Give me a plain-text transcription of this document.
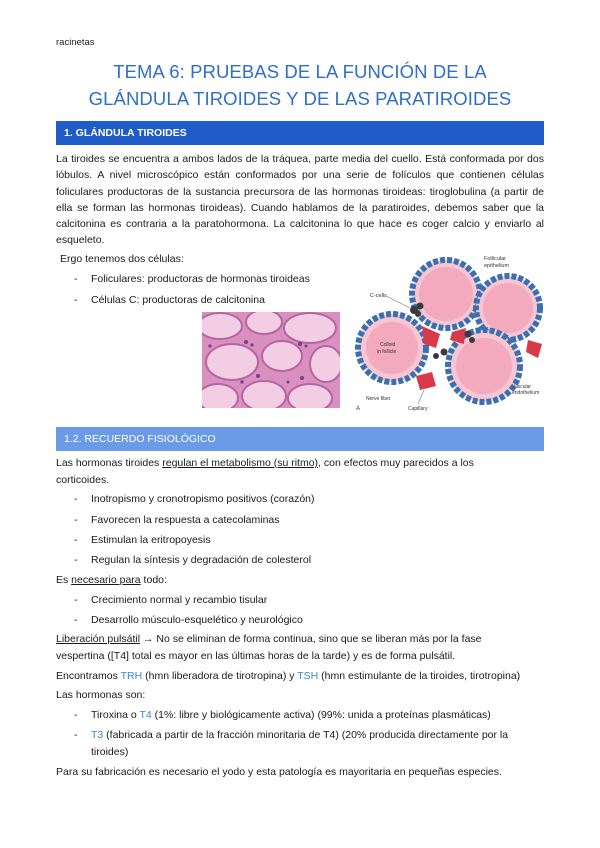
racinetas
TEMA 6: PRUEBAS DE LA FUNCIÓN DE LA
GLÁNDULA TIROIDES Y DE LAS PARATIROIDES
1. GLÁNDULA TIROIDES
La tiroides se encuentra a ambos lados de la tráquea, parte media del cuello. Está conformada por dos lóbulos. A nivel microscópico están conformados por una serie de folículos que contienen células foliculares productoras de la sustancia precursora de las hormonas tiroideas: tiroglobulina (a partir de ella se forman las hormonas tiroideas). Cuando hablamos de la paratiroides, debemos saber que la calcitonina es contraria a la paratohormona. La calcitonina lo que hace es coger calcio y enviarlo al esqueleto.
Ergo tenemos dos células:
- Foliculares: productoras de hormonas tiroideas
- Células C: productoras de calcitonina	C-cells
Follicular
epithelium
Colloid
in follicle
Nerve fiber
Capillary
Vascular
endothelium
A
1.2. RECUERDO FISIOLÓGICO
Las hormonas tiroides regulan el metabolismo (su ritmo), con efectos muy parecidos a los
corticoides.
- Inotropismo y cronotropismo positivos (corazón)
- Favorecen la respuesta a catecolaminas
- Estimulan la eritropoyesis
- Regulan la síntesis y degradación de colesterol
Es necesario para todo:
- Crecimiento normal y recambio tisular
- Desarrollo músculo-esquelético y neurológico
Liberación pulsátil → No se eliminan de forma continua, sino que se liberan más por la fase
vespertina ([T4] total es mayor en las últimas horas de la tarde) y es de forma pulsátil.
Encontramos TRH (hmn liberadora de tirotropina) y TSH (hmn estimulante de la tiroides, tirotropina)
Las hormonas son:
- Tiroxina o T4 (1%: libre y biológicamente activa) (99%: unida a proteínas plasmáticas)
- T3 (fabricada a partir de la fracción minoritaria de T4) (20% producida directamente por la
tiroides)
Para su fabricación es necesario el yodo y esta patología es mayoritaria en pequeñas especies.
